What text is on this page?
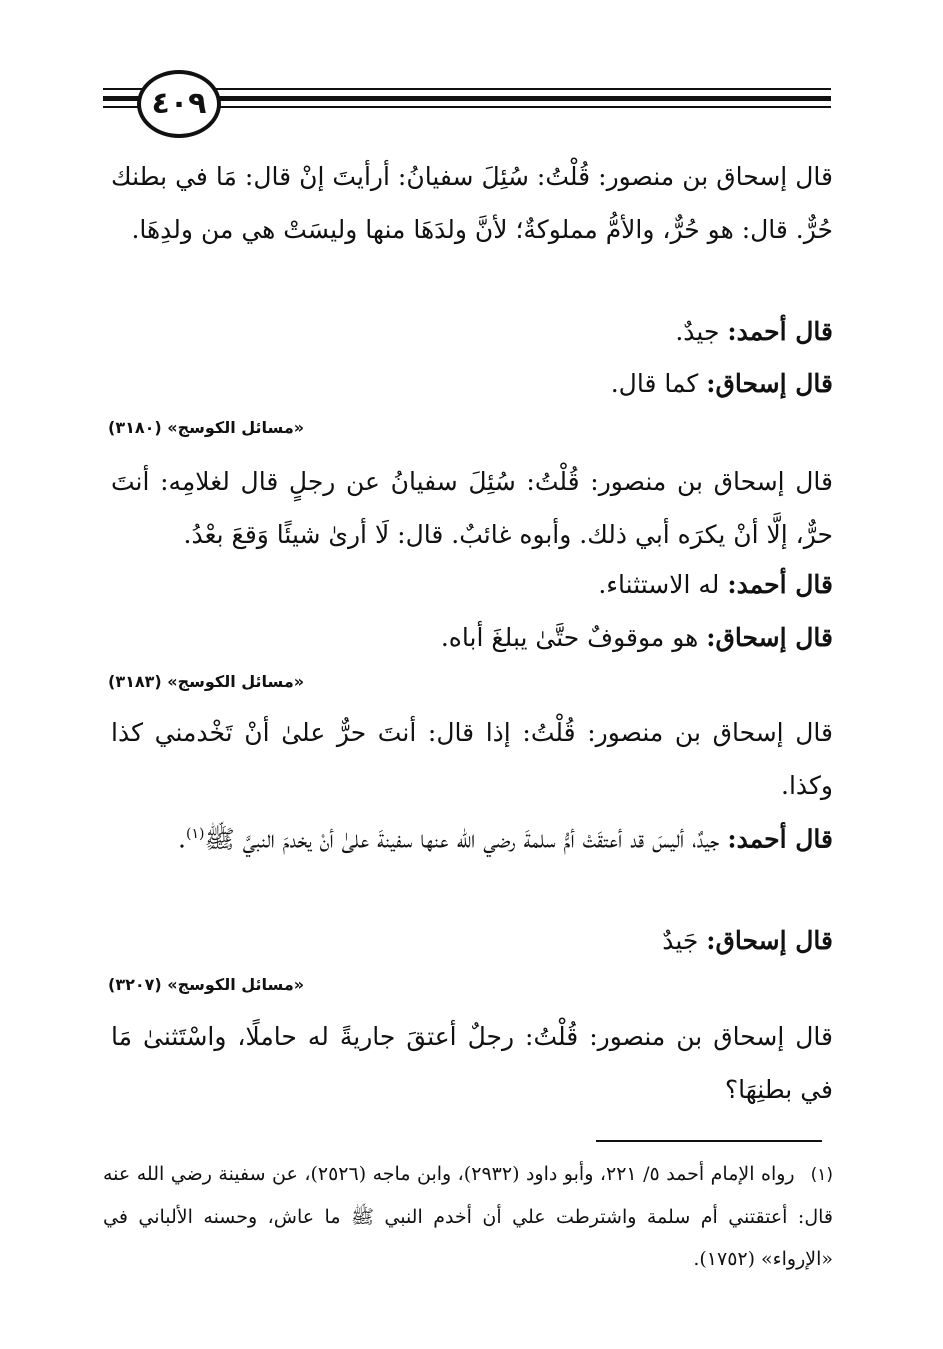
٤٠٩
قال إسحاق بن منصور: قُلْتُ: سُئِلَ سفيانُ: أرأيتَ إنْ قال: مَا في بطنك حُرٌّ. قال: هو حُرٌّ، والأمُّ مملوكةٌ؛ لأنَّ ولدَهَا منها وليسَتْ هي من ولدِهَا.
قال أحمد: جيدٌ.
قال إسحاق: كما قال.
«مسائل الكوسج» (٣١٨٠)
قال إسحاق بن منصور: قُلْتُ: سُئِلَ سفيانُ عن رجلٍ قال لغلامِه: أنتَ حرٌّ، إلَّا أنْ يكرَه أبي ذلك. وأبوه غائبٌ. قال: لَا أرىٰ شيئًا وَقعَ بعْدُ.
قال أحمد: له الاستثناء.
قال إسحاق: هو موقوفٌ حتَّىٰ يبلغَ أباه.
«مسائل الكوسج» (٣١٨٣)
قال إسحاق بن منصور: قُلْتُ: إذا قال: أنتَ حرٌّ علىٰ أنْ تَخْدمني كذا وكذا.
قال أحمد: جيدٌ، أليسَ قد أعتقَتْ أمُّ سلمةَ رضي الله عنها سفينةَ علىٰ أنْ يخدمَ النبيَّ ﷺ$^{(١)}$.
قال إسحاق: جَيدٌ
«مسائل الكوسج» (٣٢٠٧)
قال إسحاق بن منصور: قُلْتُ: رجلٌ أعتقَ جاريةً له حاملًا، واسْتَثنىٰ مَا في بطنِهَا؟
(١)رواه الإمام أحمد ٥/ ٢٢١، وأبو داود (٢٩٣٢)، وابن ماجه (٢٥٢٦)، عن سفينة رضي الله عنه قال: أعتقتني أم سلمة واشترطت علي أن أخدم النبي ﷺ ما عاش، وحسنه الألباني في «الإرواء» (١٧٥٢).
